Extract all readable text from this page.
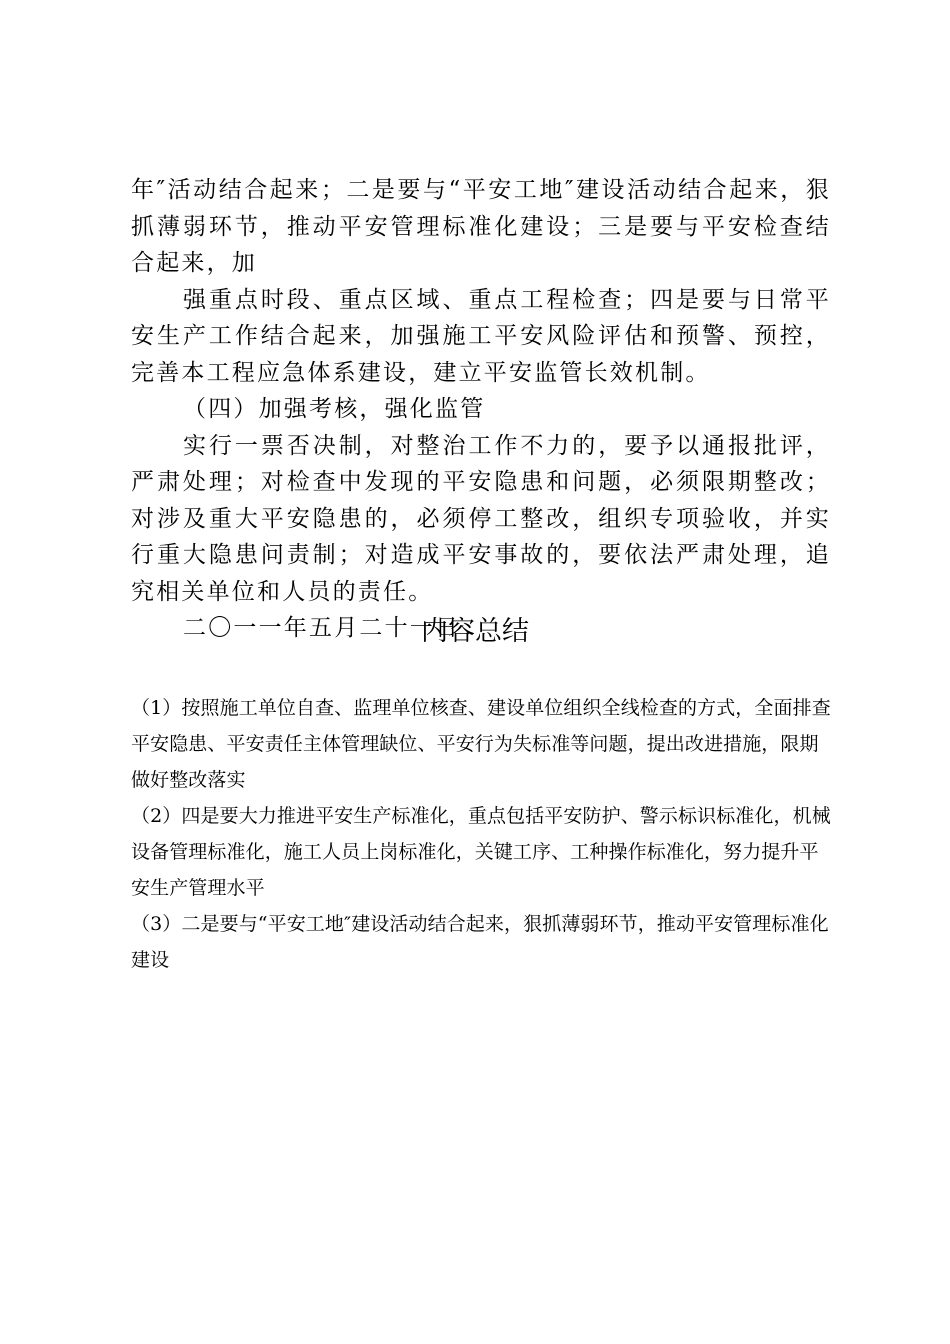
年″活动结合起来；二是要与“平安工地″建设活动结合起来，狠抓薄弱环节，推动平安管理标准化建设；三是要与平安检查结合起来，加

强重点时段、重点区域、重点工程检查；四是要与日常平安生产工作结合起来，加强施工平安风险评估和预警、预控，完善本工程应急体系建设，建立平安监管长效机制。

（四）加强考核，强化监管

实行一票否决制，对整治工作不力的，要予以通报批评，严肃处理；对检查中发现的平安隐患和问题，必须限期整改；对涉及重大平安隐患的，必须停工整改，组织专项验收，并实行重大隐患问责制；对造成平安事故的，要依法严肃处理，追究相关单位和人员的责任。

二〇一一年五月二十一日

内容总结

（1）按照施工单位自查、监理单位核查、建设单位组织全线检查的方式，全面排查平安隐患、平安责任主体管理缺位、平安行为失标准等问题，提出改进措施，限期做好整改落实

（2）四是要大力推进平安生产标准化，重点包括平安防护、警示标识标准化，机械设备管理标准化，施工人员上岗标准化，关键工序、工种操作标准化，努力提升平安生产管理水平

（3）二是要与“平安工地″建设活动结合起来，狠抓薄弱环节，推动平安管理标准化建设
